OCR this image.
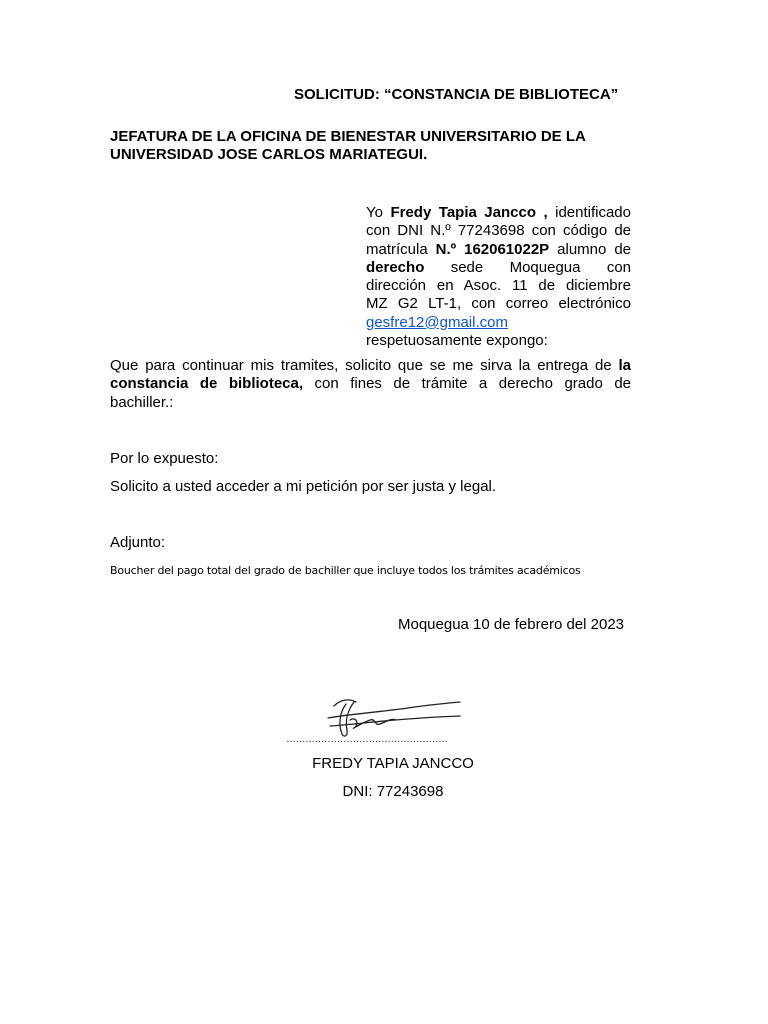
SOLICITUD: “CONSTANCIA DE BIBLIOTECA”
JEFATURA DE LA OFICINA DE BIENESTAR UNIVERSITARIO DE LA UNIVERSIDAD JOSE CARLOS MARIATEGUI.
Yo Fredy Tapia Jancco , identificado
con DNI N.º 77243698 con código de
matrícula N.º 162061022P alumno de
derecho sede Moquegua con
dirección en Asoc. 11 de diciembre
MZ G2 LT-1, con correo electrónico
gesfre12@gmail.com
respetuosamente expongo:
Que para continuar mis tramites, solicito que se me sirva la entrega de la
constancia de biblioteca, con fines de trámite a derecho grado de
bachiller.:
Por lo expuesto:
Solicito a usted acceder a mi petición por ser justa y legal.
Adjunto:
Boucher del pago total del grado de bachiller que incluye todos los trámites académicos
Moquegua 10 de febrero del 2023
……………………………………………
FREDY TAPIA JANCCO
DNI: 77243698
